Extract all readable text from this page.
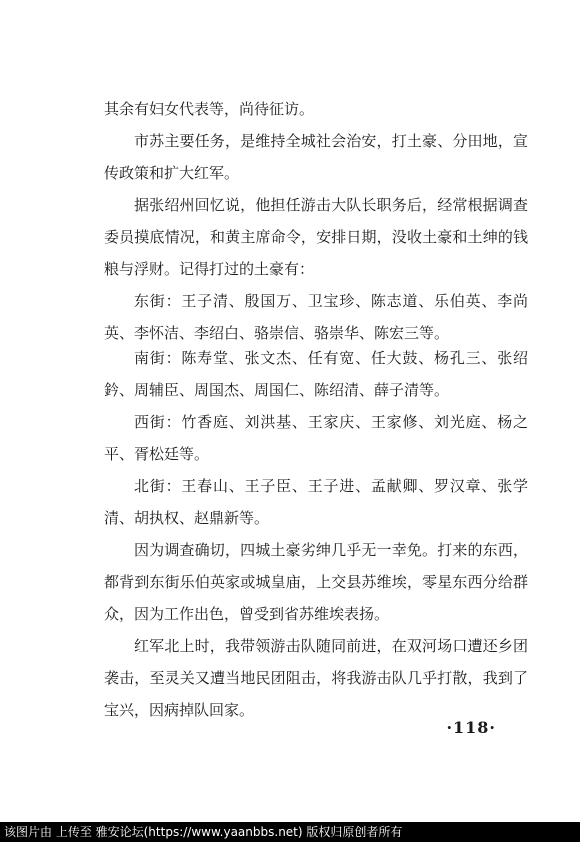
其余有妇女代表等，尚待征访。

市苏主要任务，是维持全城社会治安，打土豪、分田地，宣传政策和扩大红军。

据张绍州回忆说，他担任游击大队长职务后，经常根据调查委员摸底情况，和黄主席命令，安排日期，没收土豪和土绅的钱粮与浮财。记得打过的土豪有：

东街：王子清、殷国万、卫宝珍、陈志道、乐伯英、李尚英、李怀洁、李绍白、骆崇信、骆崇华、陈宏三等。

南街：陈寿堂、张文杰、任有宽、任大鼓、杨孔三、张绍鈐、周辅臣、周国杰、周国仁、陈绍清、薛子清等。

西街：竹香庭、刘洪基、王家庆、王家修、刘光庭、杨之平、胥松廷等。

北街：王春山、王子臣、王子进、孟献卿、罗汉章、张学清、胡执权、赵鼎新等。

因为调查确切，四城土豪劣绅几乎无一幸免。打来的东西，都背到东街乐伯英家或城皇庙，上交县苏维埃，零星东西分给群众，因为工作出色，曾受到省苏维埃表扬。

红军北上时，我带领游击队随同前进，在双河场口遭还乡团袭击，至灵关又遭当地民团阻击，将我游击队几乎打散，我到了宝兴，因病掉队回家。

·118·
该图片由 上传至 雅安论坛(https://www.yaanbbs.net) 版权归原创者所有
